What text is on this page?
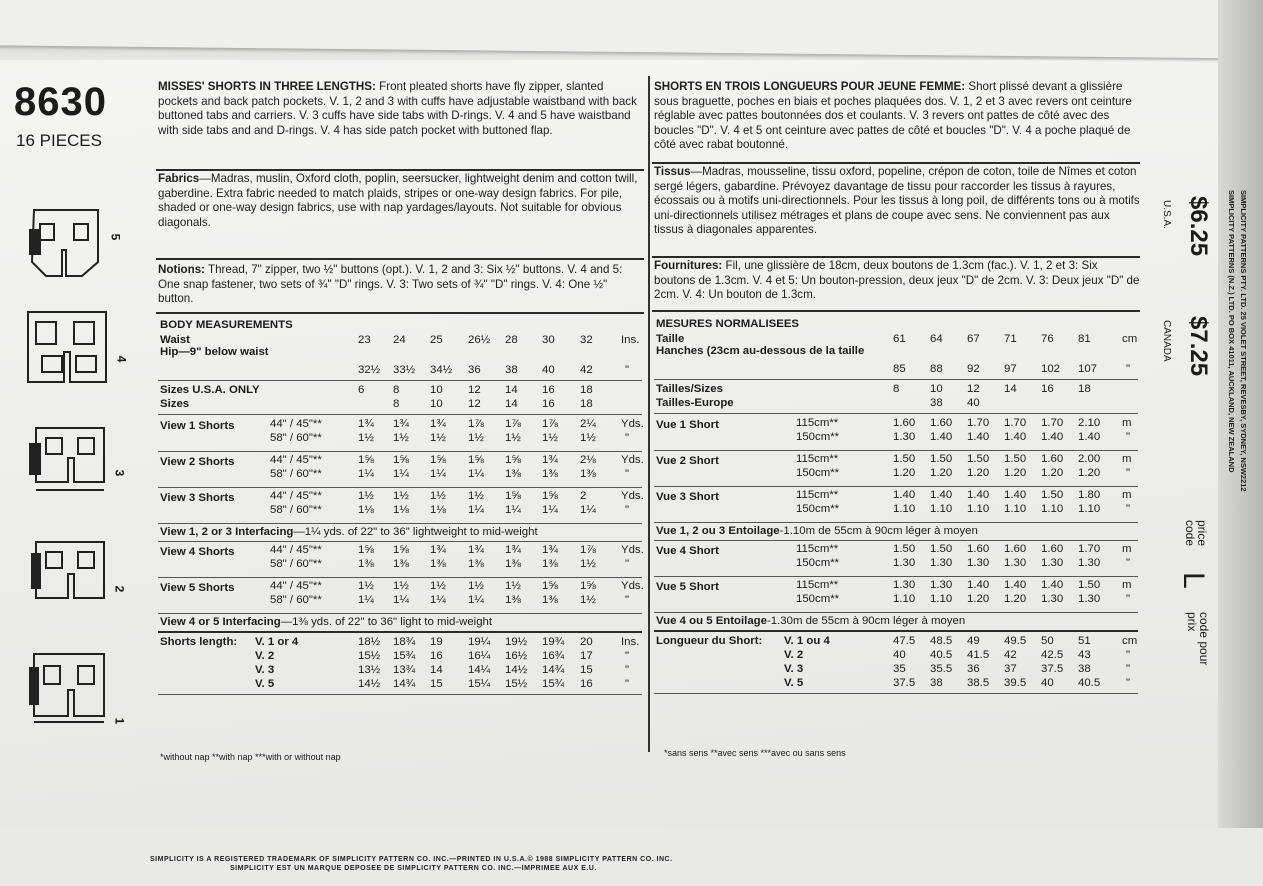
8630
16 PIECES
5
4
3
2
1

MISSES' SHORTS IN THREE LENGTHS: Front pleated shorts have fly zipper, slanted pockets and back patch pockets. V. 1, 2 and 3 with cuffs have adjustable waistband with back buttoned tabs and carriers. V. 3 cuffs have side tabs with D-rings. V. 4 and 5 have waistband with side tabs and and D-rings. V. 4 has side patch pocket with buttoned flap.

Fabrics—Madras, muslin, Oxford cloth, poplin, seersucker, lightweight denim and cotton twill, gaberdine. Extra fabric needed to match plaids, stripes or one-way design fabrics. For pile, shaded or one-way design fabrics, use with nap yardages/layouts. Not suitable for obvious diagonals.

Notions: Thread, 7" zipper, two ½" buttons (opt.). V. 1, 2 and 3: Six ½" buttons. V. 4 and 5: One snap fastener, two sets of ¾" "D" rings. V. 3: Two sets of ¾" "D" rings. V. 4: One ½" button.

SHORTS EN TROIS LONGUEURS POUR JEUNE FEMME: Short plissé devant a glissière sous braguette, poches en biais et poches plaquées dos. V. 1, 2 et 3 avec revers ont ceinture réglable avec pattes boutonnées dos et coulants. V. 3 revers ont pattes de côté avec des boucles "D". V. 4 et 5 ont ceinture avec pattes de côté et boucles "D". V. 4 a poche plaqué de côté avec rabat boutonné.

Tissus—Madras, mousseline, tissu oxford, popeline, crépon de coton, toile de Nîmes et coton sergé légers, gabardine. Prévoyez davantage de tissu pour raccorder les tissus à rayures, écossais ou à motifs uni-directionnels. Pour les tissus à long poil, de différents tons ou à motifs uni-directionnels utilisez métrages et plans de coupe avec sens. Ne conviennent pas aux tissus à diagonales apparentes.

Fournitures: Fil, une glissière de 18cm, deux boutons de 1.3cm (fac.). V. 1, 2 et 3: Six boutons de 1.3cm. V. 4 et 5: Un bouton-pression, deux jeux "D" de 2cm. V. 3: Deux jeux "D" de 2cm. V. 4: Un bouton de 1.3cm.

*without nap **with nap ***with or without nap	*sans sens **avec sens ***avec ou sans sens
$6.25
U.S.A.
$7.25
CANADA
price code
L
code pour prix
SIMPLICITY PATTERNS (N.Z.) LTD. PO BOX 41011, AUCKLAND, NEW ZEALAND SIMPLICITY PATTERNS PTY. LTD. 25 VIOLET STREET, REVESBY, SYDNEY, NSW2212
SIMPLICITY IS A REGISTERED TRADEMARK OF SIMPLICITY PATTERN CO. INC.—PRINTED IN U.S.A.© 1988 SIMPLICITY PATTERN CO. INC.
SIMPLICITY EST UN MARQUE DEPOSEE DE SIMPLICITY PATTERN CO. INC.—IMPRIMEE AUX E.U.
BODY MEASUREMENTS
Waist	23 24 25 26½ 28 30 32 Ins.
Hip—9" below waist
32½ 33½ 34½ 36 38 40 42	"
Sizes U.S.A. ONLY	6	8	10 12 14 16 18
Sizes	8	10 12 14 16 18
View 1 Shorts	44" / 45"**	1¾ 1¾ 1¾ 1⅞ 1⅞ 1⅞ 2¼ Yds.
58" / 60"**	1½ 1½ 1½ 1½ 1½ 1½ 1½	"
View 2 Shorts	44" / 45"**	1⅝ 1⅝ 1⅝ 1⅝ 1⅝ 1¾ 2⅛ Yds.
58" / 60"**	1¼ 1¼ 1¼ 1¼ 1⅜ 1⅜ 1⅜	"
View 3 Shorts	44" / 45"**	1½ 1½ 1½ 1½ 1⅝ 1⅝ 2	Yds.
58" / 60"**	1⅛ 1⅛ 1⅛ 1¼ 1¼ 1¼ 1¼	"
View 1, 2 or 3 Interfacing—1¼ yds. of 22" to 36" lightweight to mid-weight
View 4 Shorts	44" / 45"**	1⅝ 1⅝ 1¾ 1¾ 1¾ 1¾ 1⅞ Yds.
58" / 60"**	1⅜ 1⅜ 1⅜ 1⅜ 1⅜ 1⅜ 1½	"
View 5 Shorts	44" / 45"**	1½ 1½ 1½ 1½ 1½ 1⅝ 1⅝ Yds.
58" / 60"**	1¼ 1¼ 1¼ 1¼ 1⅜ 1⅜ 1½	"
View 4 or 5 Interfacing—1⅜ yds. of 22" to 36" light to mid-weight
Shorts length: V. 1 or 4	18½ 18¾ 19 19¼ 19½ 19¾ 20 Ins.
V. 2	15½ 15¾ 16 16¼ 16½ 16¾ 17	"
V. 3	13½ 13¾ 14 14¼ 14½ 14¾ 15	"
V. 5	14½ 14¾ 15 15¼ 15½ 15¾ 16	"
MESURES NORMALISEES
Taille	61 64 67 71 76 81	cm
Hanches (23cm au-dessous de la taille
85 88 92 97 102 107	"
Tailles/Sizes	8	10 12 14 16 18
Tailles-Europe	38 40
Vue 1 Short	115cm**	1.60 1.60 1.70 1.70 1.70 2.10 m
150cm**	1.30 1.40 1.40 1.40 1.40 1.40 "
Vue 2 Short	115cm**	1.50 1.50 1.50 1.50 1.60 2.00 m
150cm**	1.20 1.20 1.20 1.20 1.20 1.20 "
Vue 3 Short	115cm**	1.40 1.40 1.40 1.40 1.50 1.80 m
150cm**	1.10 1.10 1.10 1.10 1.10 1.10 "
Vue 1, 2 ou 3 Entoilage-1.10m de 55cm à 90cm léger à moyen
Vue 4 Short	115cm**	1.50 1.50 1.60 1.60 1.60 1.70 m
150cm**	1.30 1.30 1.30 1.30 1.30 1.30 "
Vue 5 Short	115cm**	1.30 1.30 1.40 1.40 1.40 1.50 m
150cm**	1.10 1.10 1.20 1.20 1.30 1.30 "
Vue 4 ou 5 Entoilage-1.30m de 55cm à 90cm léger à moyen
Longueur du Short: V. 1 ou 4	47.5 48.5 49 49.5 50 51	cm
V. 2	40 40.5 41.5 42 42.5 43	"
V. 3	35 35.5 36 37 37.5 38	"
V. 5	37.5 38 38.5 39.5 40 40.5 "
